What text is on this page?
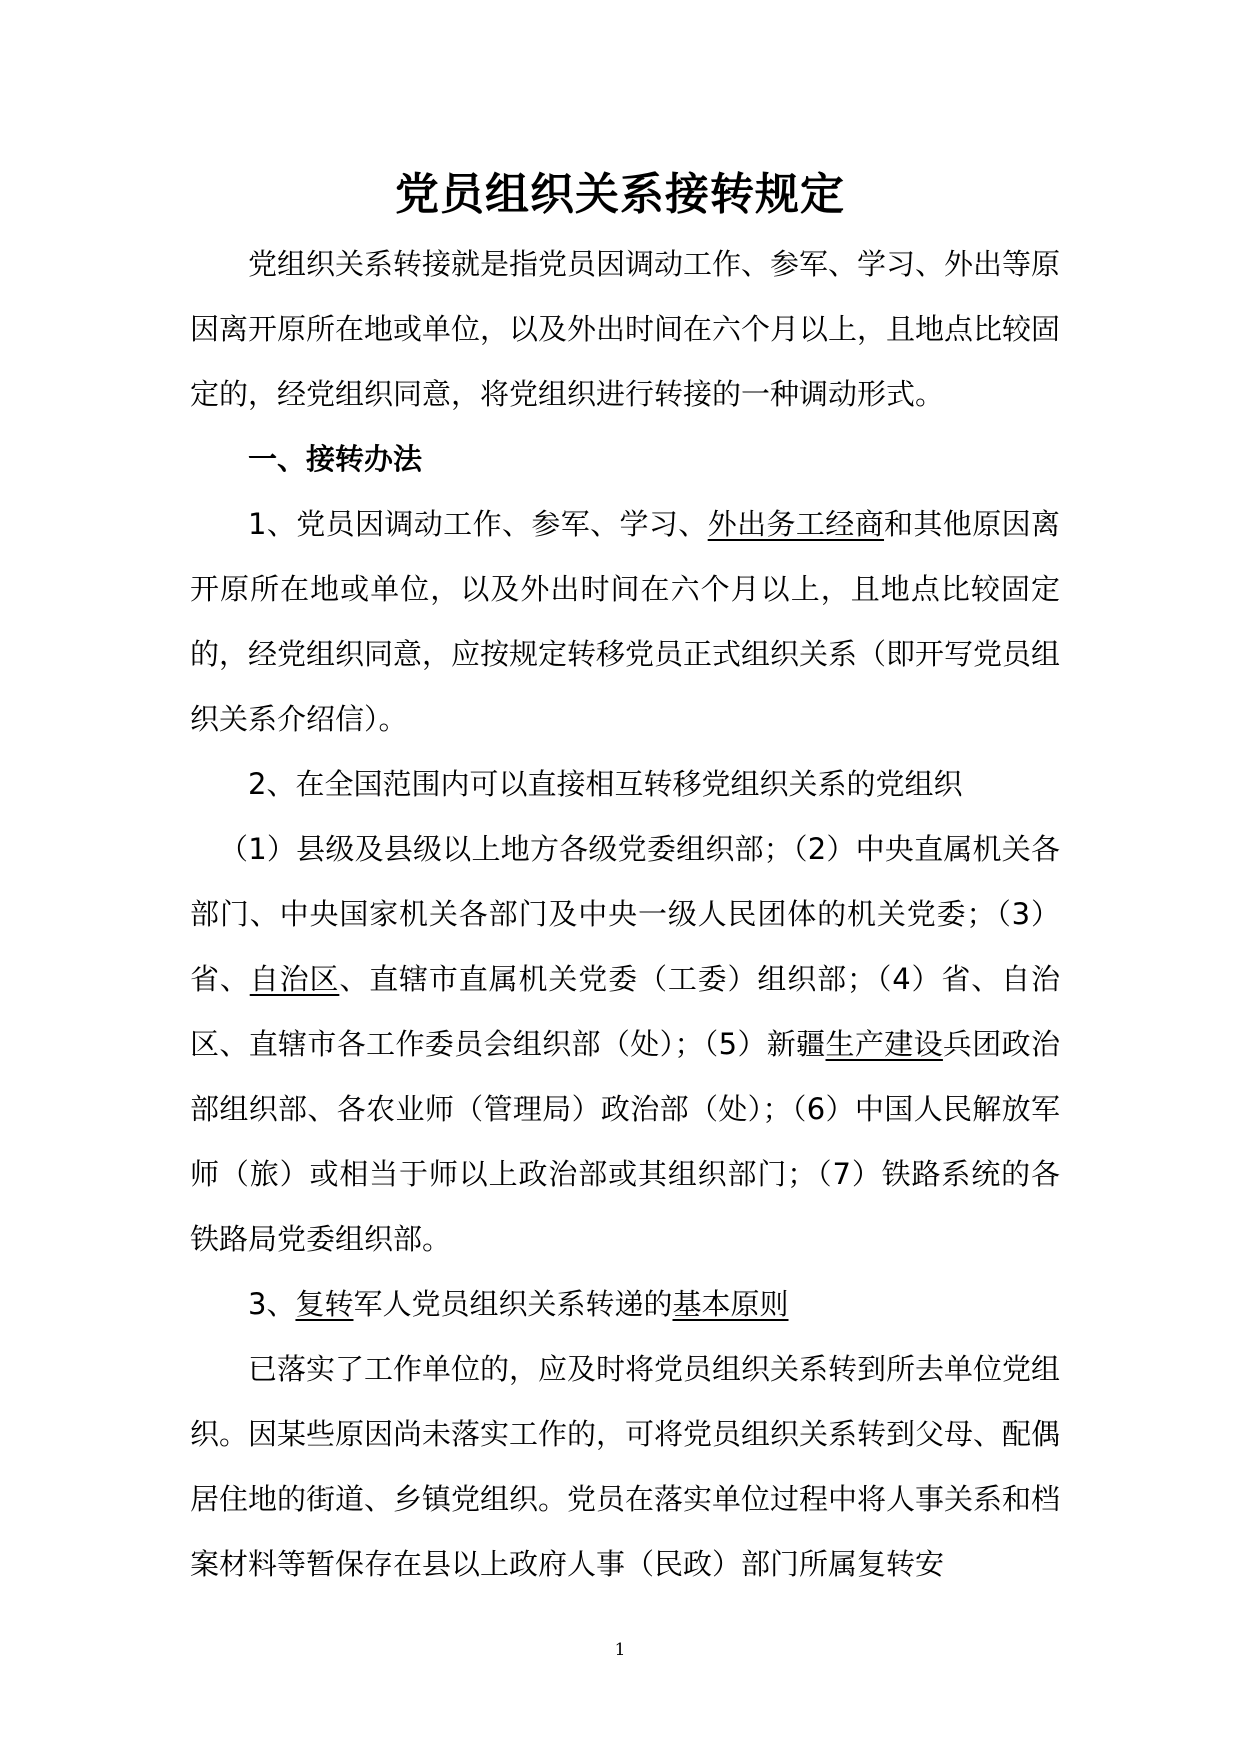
党员组织关系接转规定

党组织关系转接就是指党员因调动工作、参军、学习、外出等原因离开原所在地或单位，以及外出时间在六个月以上，且地点比较固定的，经党组织同意，将党组织进行转接的一种调动形式。

一、接转办法

1、党员因调动工作、参军、学习、外出务工经商和其他原因离开原所在地或单位，以及外出时间在六个月以上，且地点比较固定的，经党组织同意，应按规定转移党员正式组织关系（即开写党员组织关系介绍信）。

2、在全国范围内可以直接相互转移党组织关系的党组织

（1）县级及县级以上地方各级党委组织部；（2）中央直属机关各部门、中央国家机关各部门及中央一级人民团体的机关党委；（3）省、自治区、直辖市直属机关党委（工委）组织部；（4）省、自治区、直辖市各工作委员会组织部（处）；（5）新疆生产建设兵团政治部组织部、各农业师（管理局）政治部（处）；（6）中国人民解放军师（旅）或相当于师以上政治部或其组织部门；（7）铁路系统的各铁路局党委组织部。

3、复转军人党员组织关系转递的基本原则

已落实了工作单位的，应及时将党员组织关系转到所去单位党组织。因某些原因尚未落实工作的，可将党员组织关系转到父母、配偶居住地的街道、乡镇党组织。党员在落实单位过程中将人事关系和档案材料等暂保存在县以上政府人事（民政）部门所属复转安

1
